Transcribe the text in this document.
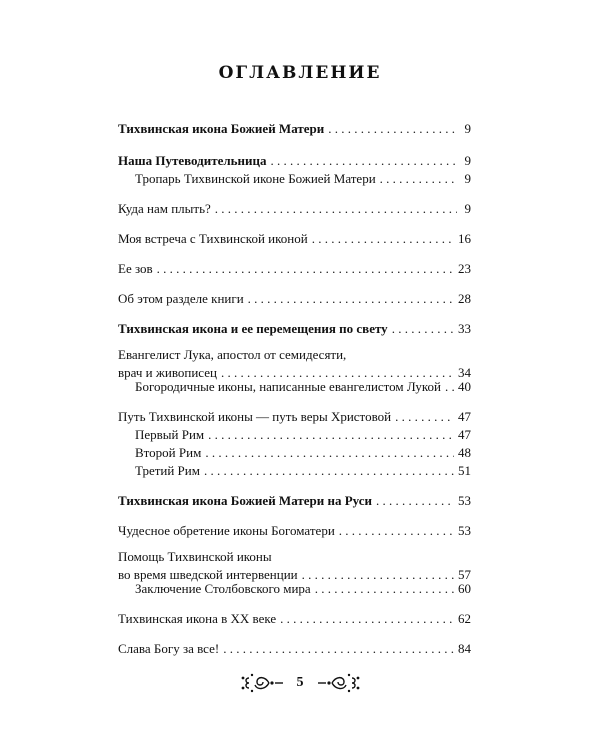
ОГЛАВЛЕНИЕ
Тихвинская икона Божией Матери . . .	9
Наша Путеводительница . . .	9
Тропарь Тихвинской иконе Божией Матери . . .	9
Куда нам плыть? . . .	9
Моя встреча с Тихвинской иконой . . .	16
Ее зов . . .	23
Об этом разделе книги . . .	28
Тихвинская икона и ее перемещения по свету . . .	33
Евангелист Лука, апостол от семидесяти,
врач и живописец . . .	34
Богородичные иконы, написанные евангелистом Лукой . . .	40
Путь Тихвинской иконы — путь веры Христовой . . .	47
Первый Рим . . .	47
Второй Рим . . .	48
Третий Рим . . .	51
Тихвинская икона Божией Матери на Руси . . .	53
Чудесное обретение иконы Богоматери . . .	53
Помощь Тихвинской иконы
во время шведской интервенции . . .	57
Заключение Столбовского мира . . .	60
Тихвинская икона в XX веке . . .	62
Слава Богу за все! . . .	84
5
